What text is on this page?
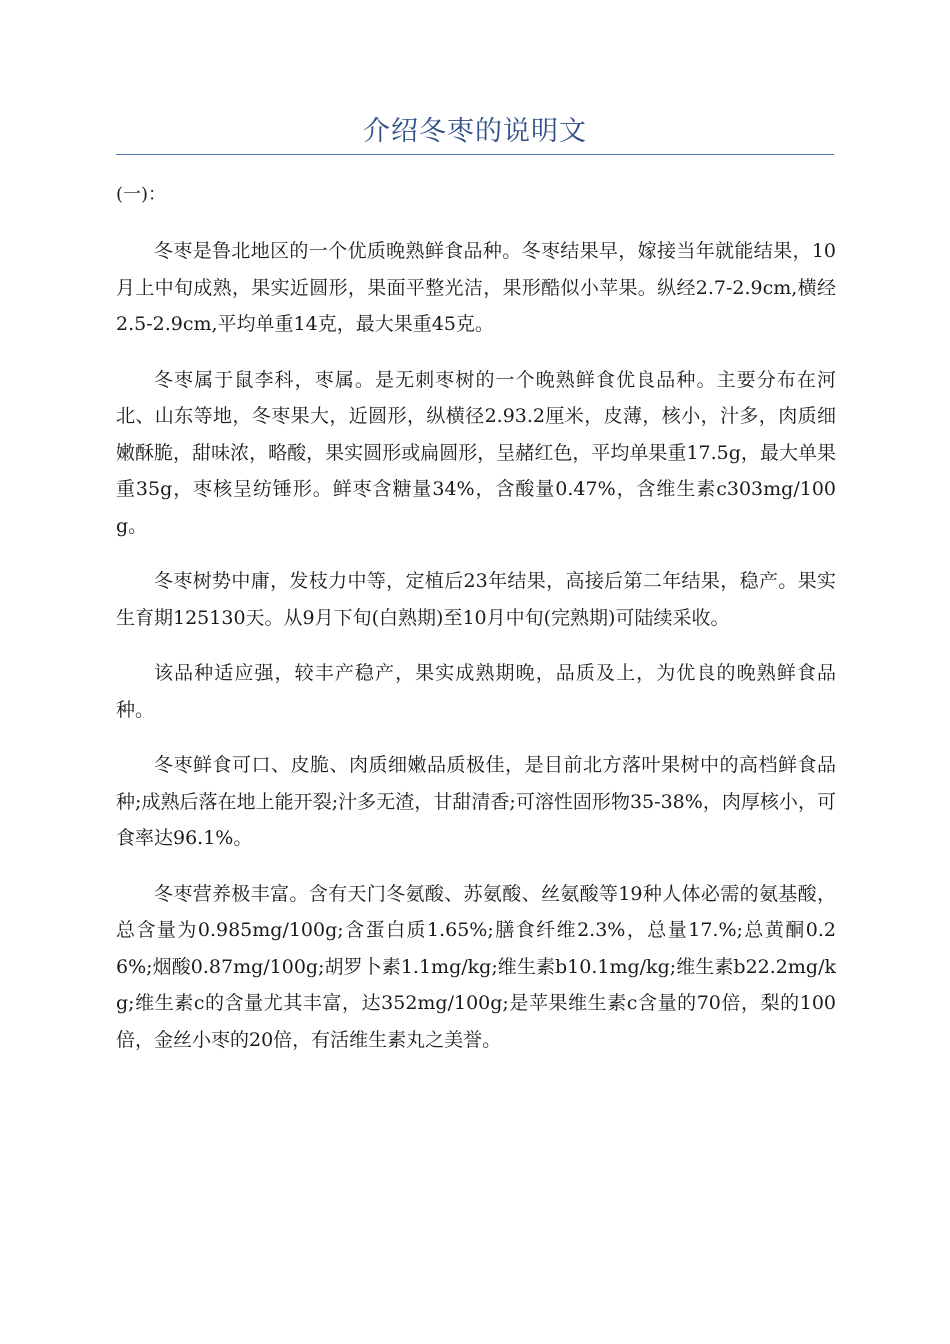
介绍冬枣的说明文
(一)：

冬枣是鲁北地区的一个优质晚熟鲜食品种。冬枣结果早，嫁接当年就能结果，10月上中旬成熟，果实近圆形，果面平整光洁，果形酷似小苹果。纵经2.7-2.9cm,横经2.5-2.9cm,平均单重14克，最大果重45克。

冬枣属于鼠李科，枣属。是无刺枣树的一个晚熟鲜食优良品种。主要分布在河北、山东等地，冬枣果大，近圆形，纵横径2.93.2厘米，皮薄，核小，汁多，肉质细嫩酥脆，甜味浓，略酸，果实圆形或扁圆形，呈赭红色，平均单果重17.5g，最大单果重35g，枣核呈纺锤形。鲜枣含糖量34%，含酸量0.47%，含维生素c303mg/100g。

冬枣树势中庸，发枝力中等，定植后23年结果，高接后第二年结果，稳产。果实生育期125130天。从9月下旬(白熟期)至10月中旬(完熟期)可陆续采收。

该品种适应强，较丰产稳产，果实成熟期晚，品质及上，为优良的晚熟鲜食品种。

冬枣鲜食可口、皮脆、肉质细嫩品质极佳，是目前北方落叶果树中的高档鲜食品种;成熟后落在地上能开裂;汁多无渣，甘甜清香;可溶性固形物35-38%，肉厚核小，可食率达96.1%。

冬枣营养极丰富。含有天门冬氨酸、苏氨酸、丝氨酸等19种人体必需的氨基酸，总含量为0.985mg/100g;含蛋白质1.65%;膳食纤维2.3%，总量17.%;总黄酮0.26%;烟酸0.87mg/100g;胡罗卜素1.1mg/kg;维生素b10.1mg/kg;维生素b22.2mg/kg;维生素c的含量尤其丰富，达352mg/100g;是苹果维生素c含量的70倍，梨的100倍，金丝小枣的20倍，有活维生素丸之美誉。
